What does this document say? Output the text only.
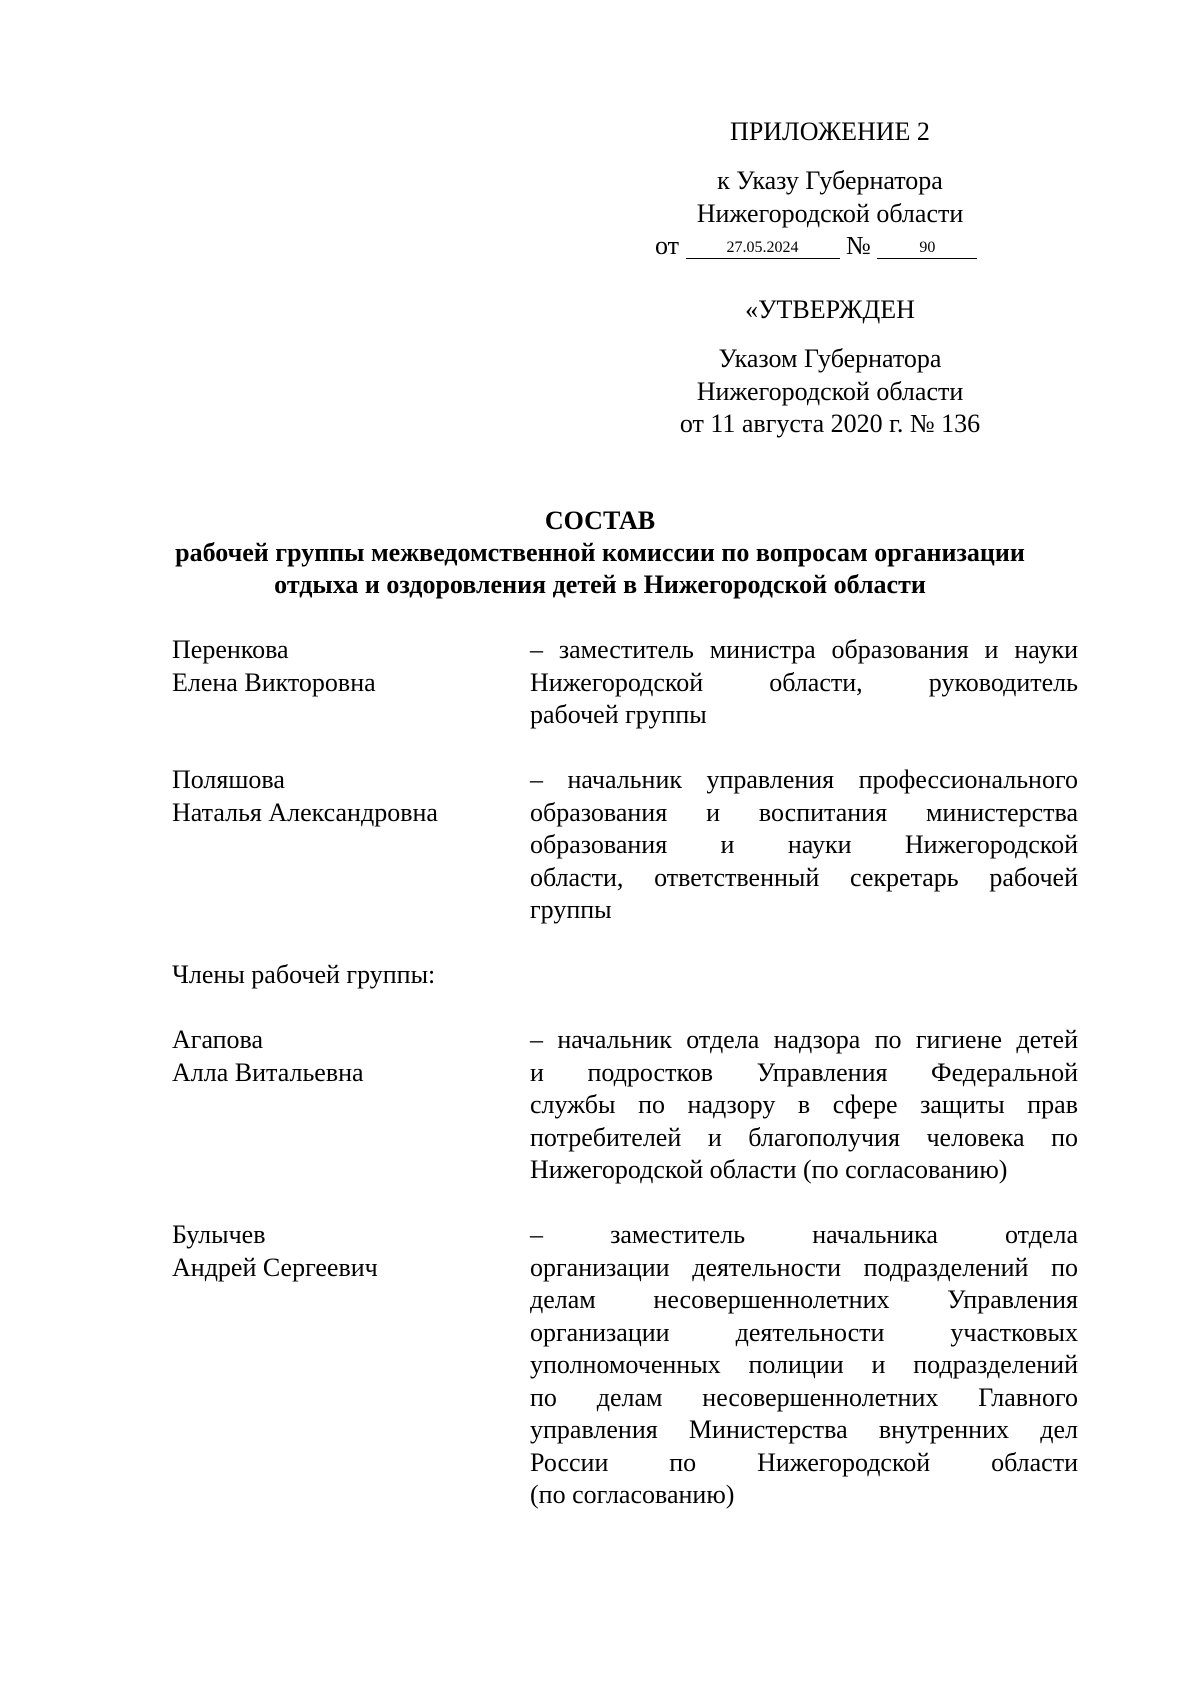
ПРИЛОЖЕНИЕ 2
к Указу Губернатора
Нижегородской области
от	27.05.2024 №	90
«УТВЕРЖДЕН
Указом Губернатора
Нижегородской области
от 11 августа 2020 г. № 136
СОСТАВ
рабочей группы межведомственной комиссии по вопросам организации
отдыха и оздоровления детей в Нижегородской области
Перенкова
Елена Викторовна
– заместитель министра образования и науки
Нижегородской области, руководитель
рабочей группы
Поляшова
Наталья Александровна
– начальник управления профессионального
образования и воспитания министерства
образования и науки Нижегородской
области, ответственный секретарь рабочей
группы
Члены рабочей группы:
Агапова
Алла Витальевна
– начальник отдела надзора по гигиене детей
и подростков Управления Федеральной
службы по надзору в сфере защиты прав
потребителей и благополучия человека по
Нижегородской области (по согласованию)
Булычев
Андрей Сергеевич
– заместитель начальника отдела
организации деятельности подразделений по
делам несовершеннолетних Управления
организации деятельности участковых
уполномоченных полиции и подразделений
по делам несовершеннолетних Главного
управления Министерства внутренних дел
России по Нижегородской области
(по согласованию)
